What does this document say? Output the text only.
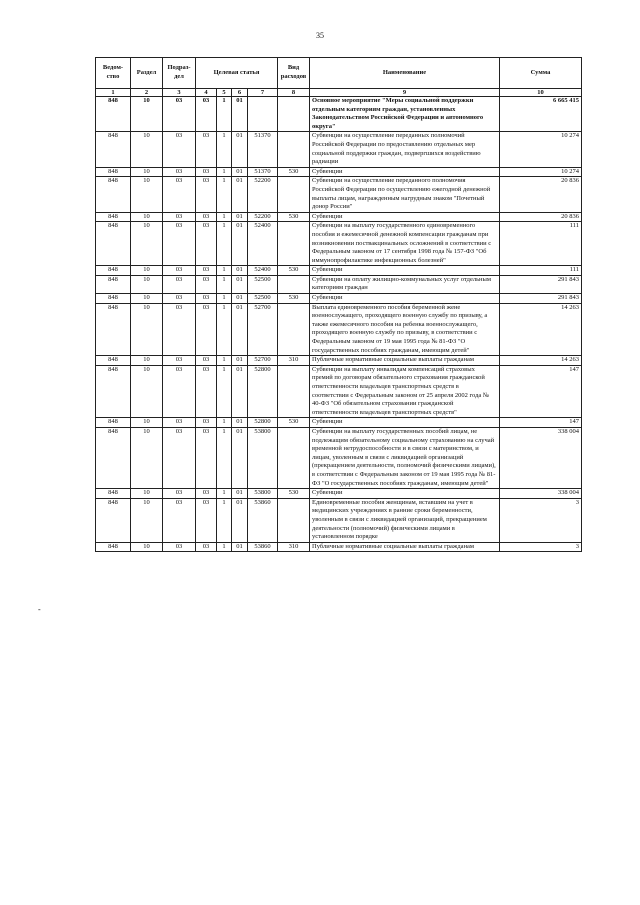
35
-
Ведом-ство	Раздел	Подраз-дел	Целевая статья				Вид расходов	Наименование	Сумма
1	2	3	4	5	6	7	8	9	10
848	10	03	03	1	01			Основное мероприятие "Меры социальной поддержки отдельным категориям граждан, установленных Законодательством Российской Федерации и автономного округа"	6 665 415
848	10	03	03	1	01	51370		Субвенции на осуществление переданных полномочий Российской Федерации по предоставлению отдельных мер социальной поддержки граждан, подвергшихся воздействию радиации	10 274
848	10	03	03	1	01	51370	530	Субвенции	10 274
848	10	03	03	1	01	52200		Субвенции на осуществление переданного полномочия Российской Федерации по осуществлению ежегодной денежной выплаты лицам, награжденным нагрудным знаком "Почетный донор России"	20 836
848	10	03	03	1	01	52200	530	Субвенции	20 836
848	10	03	03	1	01	52400		Субвенции на выплату государственного единовременного пособия и ежемесячной денежной компенсации гражданам при возникновении поствакцинальных осложнений в соответствии с Федеральным законом от 17 сентября 1998 года № 157-ФЗ "Об иммунопрофилактике инфекционных болезней"	111
848	10	03	03	1	01	52400	530	Субвенции	111
848	10	03	03	1	01	52500		Субвенции на оплату жилищно-коммунальных услуг отдельным категориям граждан	291 843
848	10	03	03	1	01	52500	530	Субвенции	291 843
848	10	03	03	1	01	52700		Выплата единовременного пособия беременной жене военнослужащего, проходящего военную службу по призыву, а также ежемесячного пособия на ребенка военнослужащего, проходящего военную службу по призыву, в соответствии с Федеральным законом от 19 мая 1995 года № 81-ФЗ "О государственных пособиях гражданам, имеющим детей"	14 263
848	10	03	03	1	01	52700	310	Публичные нормативные социальные выплаты гражданам	14 263
848	10	03	03	1	01	52800		Субвенции на выплату инвалидам компенсаций страховых премий по договорам обязательного страхования гражданской ответственности владельцев транспортных средств в соответствии с Федеральным законом от 25 апреля 2002 года № 40-ФЗ "Об обязательном страховании гражданской ответственности владельцев транспортных средств"	147
848	10	03	03	1	01	52800	530	Субвенции	147
848	10	03	03	1	01	53800		Субвенции на выплату государственных пособий лицам, не подлежащим обязательному социальному страхованию на случай временной нетрудоспособности и в связи с материнством, и лицам, уволенным в связи с ликвидацией организаций (прекращением деятельности, полномочий физическими лицами), в соответствии с Федеральным законом от 19 мая 1995 года № 81-ФЗ "О государственных пособиях гражданам, имеющим детей"	338 004
848	10	03	03	1	01	53800	530	Субвенции	338 004
848	10	03	03	1	01	53860		Единовременные пособия женщинам, вставшим на учет в медицинских учреждениях в ранние сроки беременности, уволенным в связи с ликвидацией организаций, прекращением деятельности (полномочий) физическими лицами в установленном порядке	3
848	10	03	03	1	01	53860	310	Публичные нормативные социальные выплаты гражданам	3
